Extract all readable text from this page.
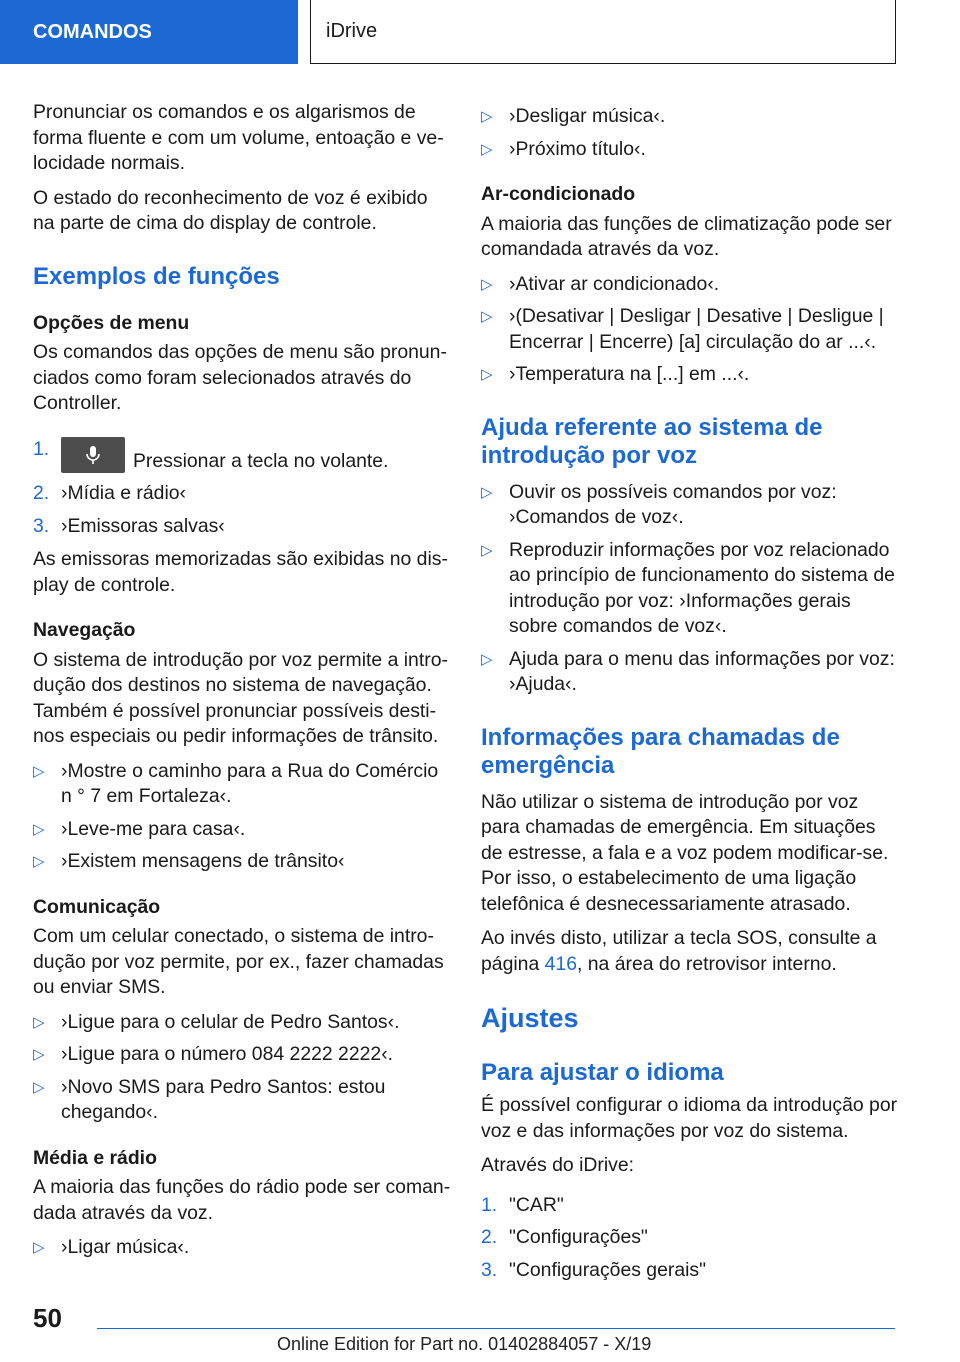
COMANDOS	iDrive

Pronunciar os comandos e os algarismos de forma fluente e com um volume, entoação e velocidade normais.

O estado do reconhecimento de voz é exibido na parte de cima do display de controle.

Exemplos de funções
Opções de menu

Os comandos das opções de menu são pronunciados como foram selecionados através do Controller.

1.
Pressionar a tecla no volante.
2. ›Mídia e rádio‹
3. ›Emissoras salvas‹

As emissoras memorizadas são exibidas no display de controle.

Navegação

O sistema de introdução por voz permite a introdução dos destinos no sistema de navegação. Também é possível pronunciar possíveis destinos especiais ou pedir informações de trânsito.

▷ ›Mostre o caminho para a Rua do Comércio n ° 7 em Fortaleza‹.
▷ ›Leve-me para casa‹.
▷ ›Existem mensagens de trânsito‹
Comunicação

Com um celular conectado, o sistema de introdução por voz permite, por ex., fazer chamadas ou enviar SMS.

▷ ›Ligue para o celular de Pedro Santos‹.
▷ ›Ligue para o número 084 2222 2222‹.
▷ ›Novo SMS para Pedro Santos: estou chegando‹.
Média e rádio

A maioria das funções do rádio pode ser comandada através da voz.

▷ ›Ligar música‹.
▷ ›Desligar música‹.
▷ ›Próximo título‹.
Ar-condicionado

A maioria das funções de climatização pode ser comandada através da voz.

▷ ›Ativar ar condicionado‹.
▷ ›(Desativar | Desligar | Desative | Desligue | Encerrar | Encerre) [a] circulação do ar ...‹.
▷ ›Temperatura na [...] em ...‹.
Ajuda referente ao sistema de introdução por voz
▷ Ouvir os possíveis comandos por voz: ›Comandos de voz‹.
▷ Reproduzir informações por voz relacionado ao princípio de funcionamento do sistema de introdução por voz: ›Informações gerais sobre comandos de voz‹.
▷ Ajuda para o menu das informações por voz: ›Ajuda‹.
Informações para chamadas de emergência

Não utilizar o sistema de introdução por voz para chamadas de emergência. Em situações de estresse, a fala e a voz podem modificar-se. Por isso, o estabelecimento de uma ligação telefônica é desnecessariamente atrasado.

Ao invés disto, utilizar a tecla SOS, consulte a página 416, na área do retrovisor interno.

Ajustes
Para ajustar o idioma

É possível configurar o idioma da introdução por voz e das informações por voz do sistema.

Através do iDrive:

1. "CAR"
2. "Configurações"
3. "Configurações gerais"
50
Online Edition for Part no. 01402884057 - X/19
